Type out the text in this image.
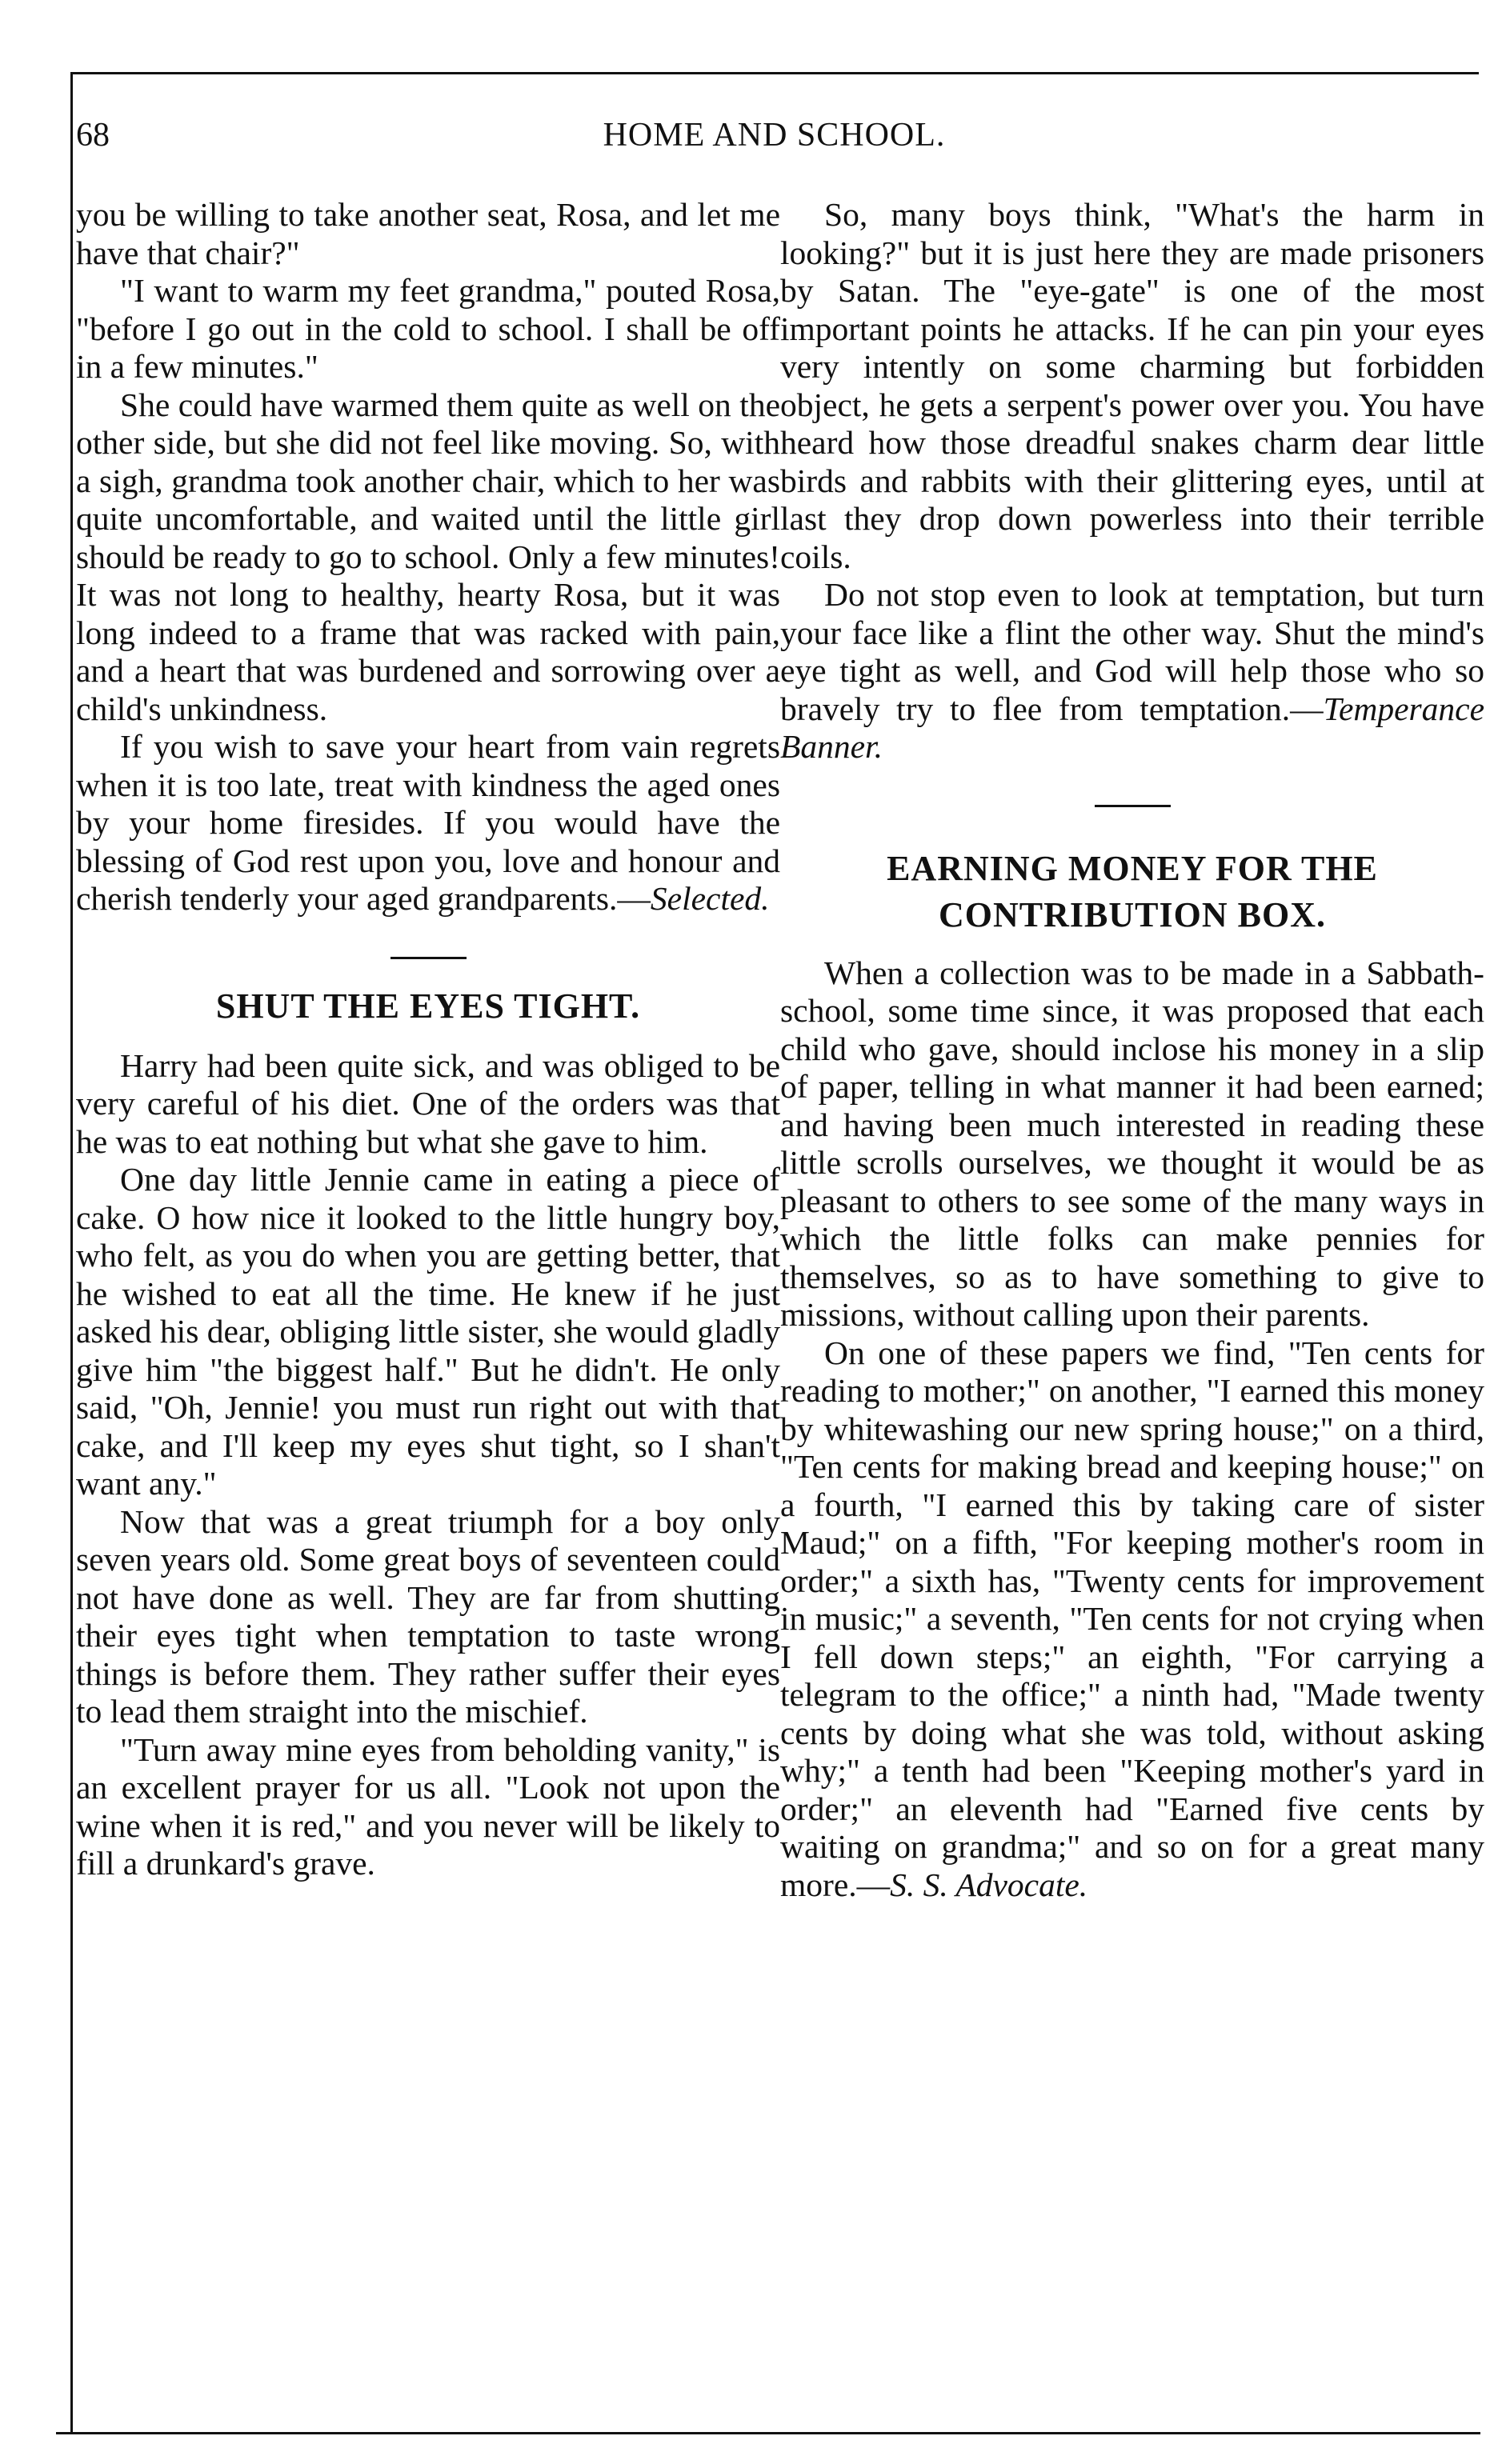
68	HOME AND SCHOOL.

you be willing to take another seat, Rosa, and let me have that chair?"

"I want to warm my feet grandma," pouted Rosa, "before I go out in the cold to school. I shall be off in a few minutes."

She could have warmed them quite as well on the other side, but she did not feel like moving. So, with a sigh, grandma took another chair, which to her was quite uncomfortable, and waited until the little girl should be ready to go to school. Only a few minutes! It was not long to healthy, hearty Rosa, but it was long indeed to a frame that was racked with pain, and a heart that was burdened and sorrowing over a child's unkindness.

If you wish to save your heart from vain regrets when it is too late, treat with kindness the aged ones by your home firesides. If you would have the blessing of God rest upon you, love and honour and cherish tenderly your aged grandparents.—Selected.

SHUT THE EYES TIGHT.

Harry had been quite sick, and was obliged to be very careful of his diet. One of the orders was that he was to eat nothing but what she gave to him.

One day little Jennie came in eating a piece of cake. O how nice it looked to the little hungry boy, who felt, as you do when you are getting better, that he wished to eat all the time. He knew if he just asked his dear, obliging little sister, she would gladly give him "the biggest half." But he didn't. He only said, "Oh, Jennie! you must run right out with that cake, and I'll keep my eyes shut tight, so I shan't want any."

Now that was a great triumph for a boy only seven years old. Some great boys of seventeen could not have done as well. They are far from shutting their eyes tight when temptation to taste wrong things is before them. They rather suffer their eyes to lead them straight into the mischief.

"Turn away mine eyes from beholding vanity," is an excellent prayer for us all. "Look not upon the wine when it is red," and you never will be likely to fill a drunkard's grave.

So, many boys think, "What's the harm in looking?" but it is just here they are made prisoners by Satan. The "eye-gate" is one of the most important points he attacks. If he can pin your eyes very intently on some charming but forbidden object, he gets a serpent's power over you. You have heard how those dreadful snakes charm dear little birds and rabbits with their glittering eyes, until at last they drop down powerless into their terrible coils.

Do not stop even to look at temptation, but turn your face like a flint the other way. Shut the mind's eye tight as well, and God will help those who so bravely try to flee from temptation.—Temperance Banner.

EARNING MONEY FOR THE CONTRIBUTION BOX.

When a collection was to be made in a Sabbath-school, some time since, it was proposed that each child who gave, should inclose his money in a slip of paper, telling in what manner it had been earned; and having been much interested in reading these little scrolls ourselves, we thought it would be as pleasant to others to see some of the many ways in which the little folks can make pennies for themselves, so as to have something to give to missions, without calling upon their parents.

On one of these papers we find, "Ten cents for reading to mother;" on another, "I earned this money by whitewashing our new spring house;" on a third, "Ten cents for making bread and keeping house;" on a fourth, "I earned this by taking care of sister Maud;" on a fifth, "For keeping mother's room in order;" a sixth has, "Twenty cents for improvement in music;" a seventh, "Ten cents for not crying when I fell down steps;" an eighth, "For carrying a telegram to the office;" a ninth had, "Made twenty cents by doing what she was told, without asking why;" a tenth had been "Keeping mother's yard in order;" an eleventh had "Earned five cents by waiting on grandma;" and so on for a great many more.—S. S. Advocate.
